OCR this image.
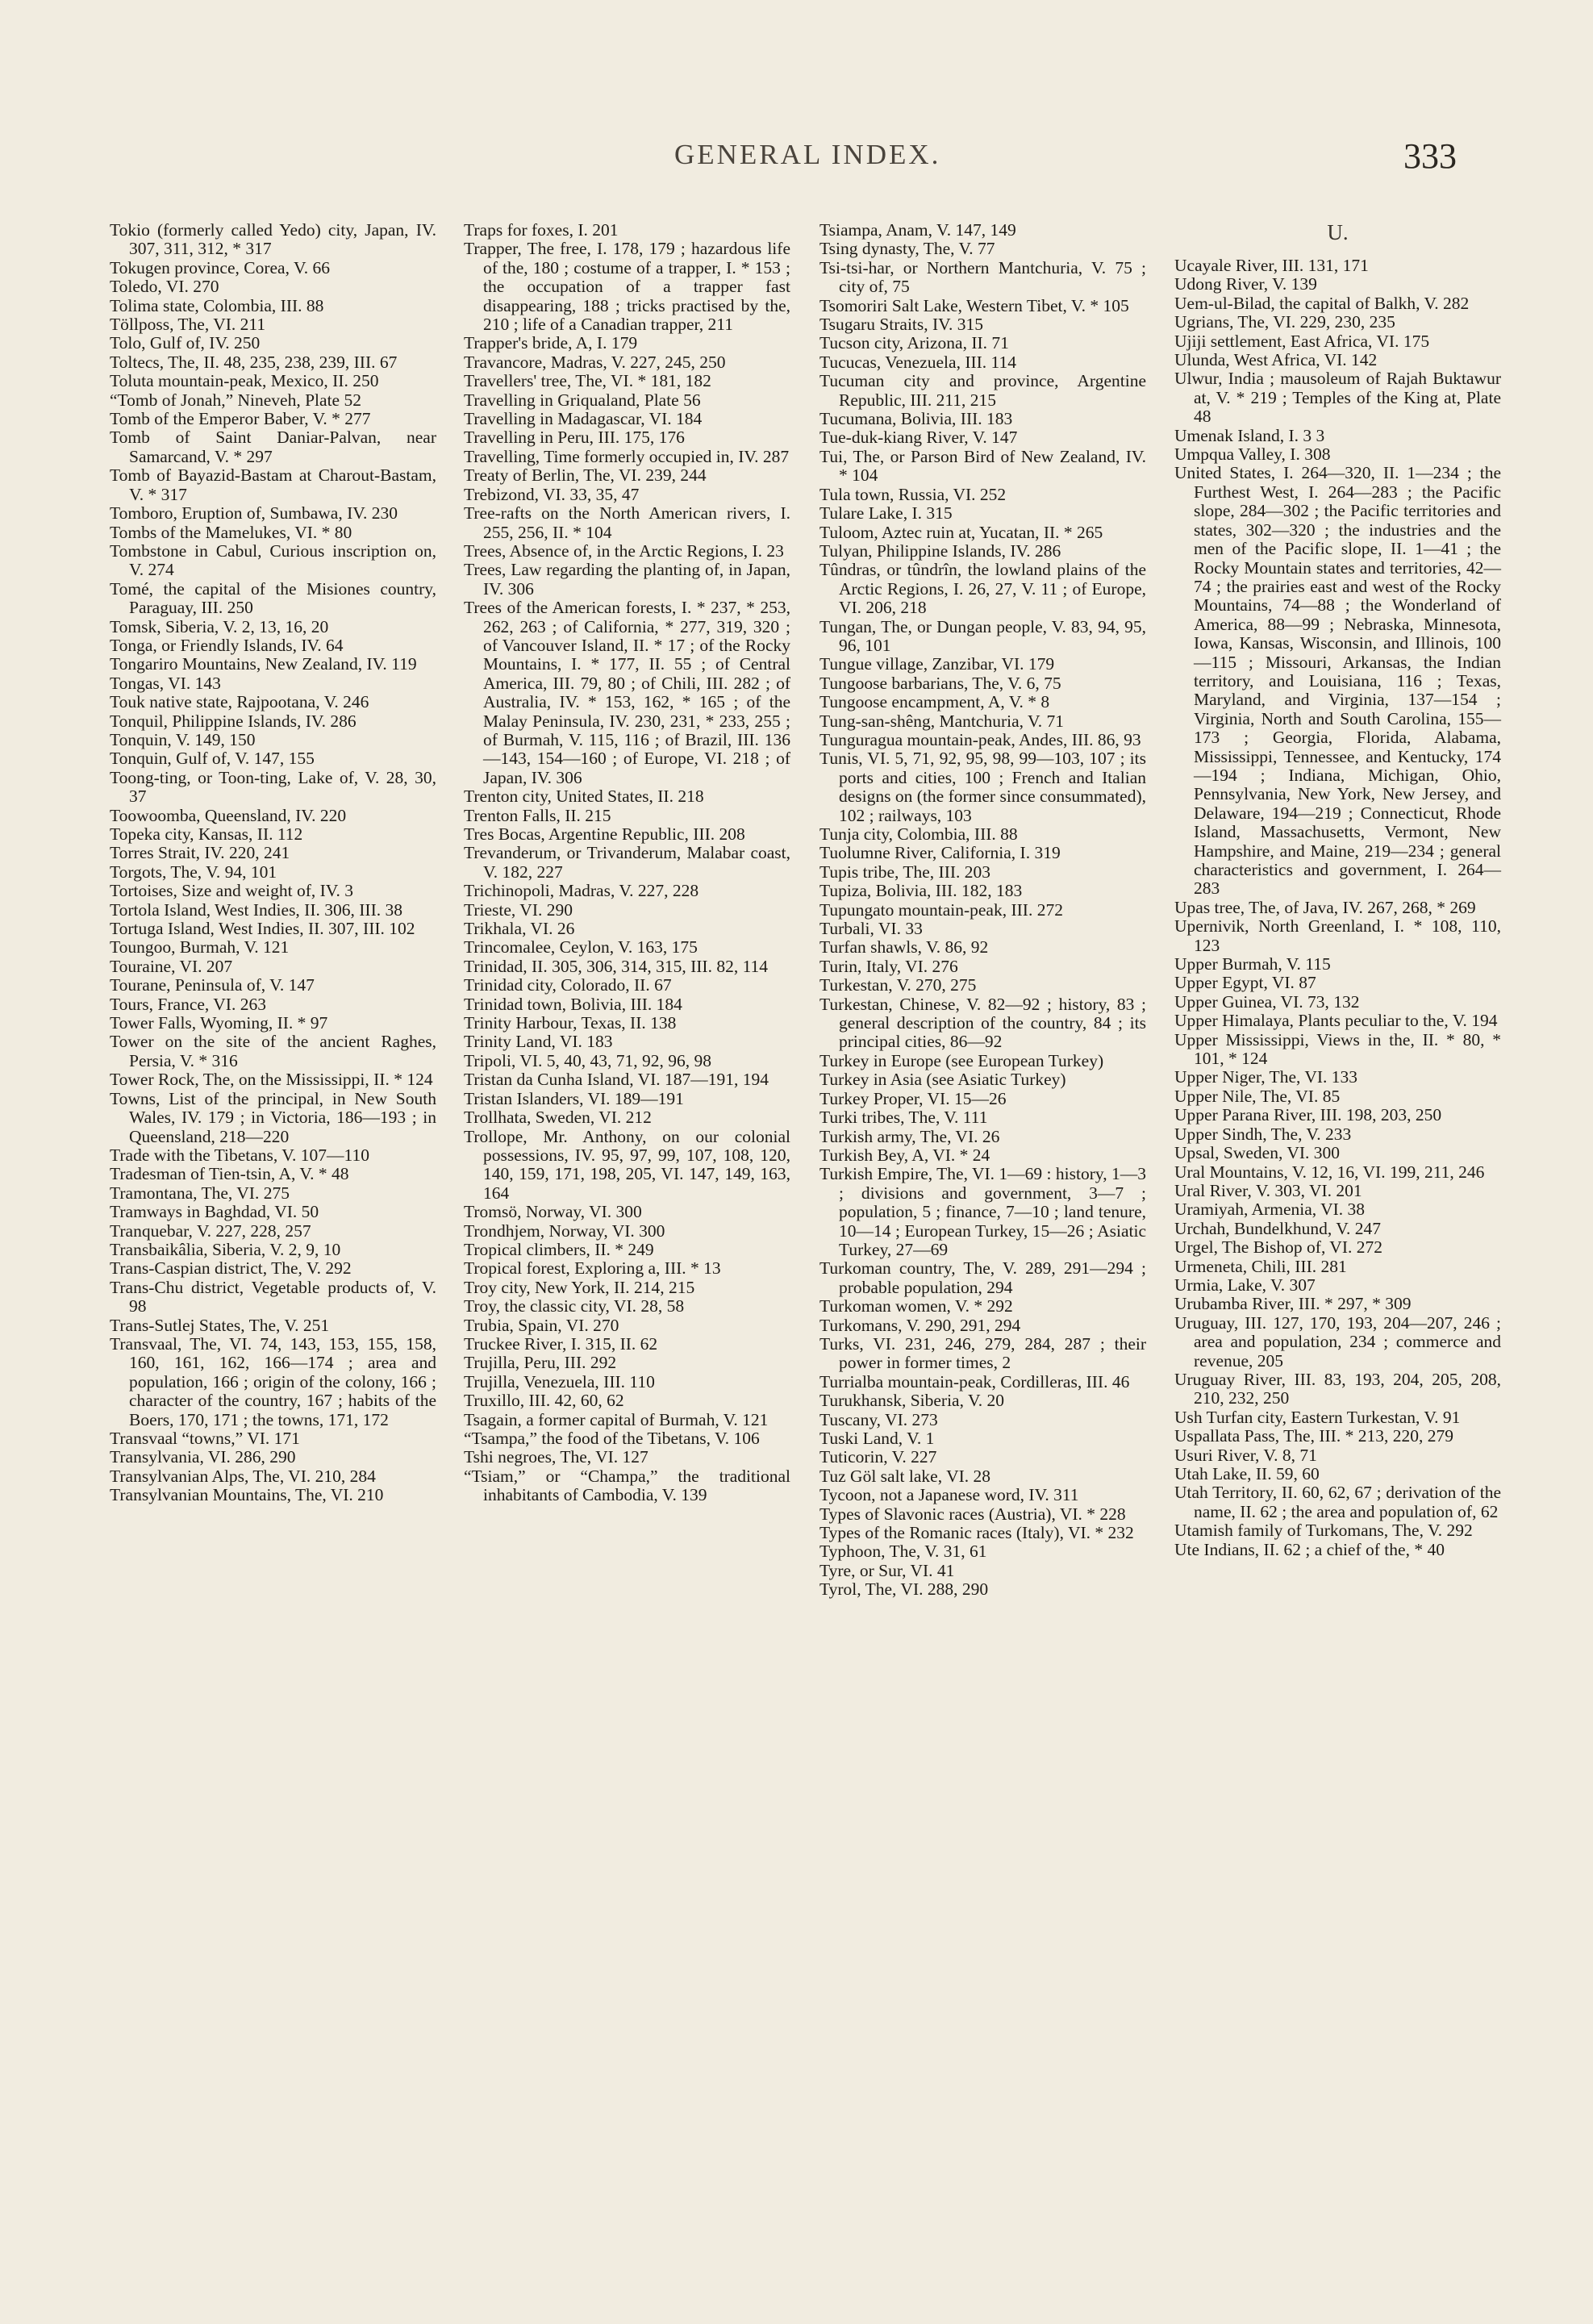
GENERAL INDEX.	333

Tokio (formerly called Yedo) city, Japan, IV. 307, 311, 312, * 317

Tokugen province, Corea, V. 66

Toledo, VI. 270

Tolima state, Colombia, III. 88

Töllposs, The, VI. 211

Tolo, Gulf of, IV. 250

Toltecs, The, II. 48, 235, 238, 239, III. 67

Toluta mountain-peak, Mexico, II. 250

“Tomb of Jonah,” Nineveh, Plate 52

Tomb of the Emperor Baber, V. * 277

Tomb of Saint Daniar-Palvan, near Samarcand, V. * 297

Tomb of Bayazid-Bastam at Charout-Bastam, V. * 317

Tomboro, Eruption of, Sumbawa, IV. 230

Tombs of the Mamelukes, VI. * 80

Tombstone in Cabul, Curious inscription on, V. 274

Tomé, the capital of the Misiones country, Paraguay, III. 250

Tomsk, Siberia, V. 2, 13, 16, 20

Tonga, or Friendly Islands, IV. 64

Tongariro Mountains, New Zealand, IV. 119

Tongas, VI. 143

Touk native state, Rajpootana, V. 246

Tonquil, Philippine Islands, IV. 286

Tonquin, V. 149, 150

Tonquin, Gulf of, V. 147, 155

Toong-ting, or Toon-ting, Lake of, V. 28, 30, 37

Toowoomba, Queensland, IV. 220

Topeka city, Kansas, II. 112

Torres Strait, IV. 220, 241

Torgots, The, V. 94, 101

Tortoises, Size and weight of, IV. 3

Tortola Island, West Indies, II. 306, III. 38

Tortuga Island, West Indies, II. 307, III. 102

Toungoo, Burmah, V. 121

Touraine, VI. 207

Tourane, Peninsula of, V. 147

Tours, France, VI. 263

Tower Falls, Wyoming, II. * 97

Tower on the site of the ancient Raghes, Persia, V. * 316

Tower Rock, The, on the Mississippi, II. * 124

Towns, List of the principal, in New South Wales, IV. 179 ; in Victoria, 186—193 ; in Queensland, 218—220

Trade with the Tibetans, V. 107—110

Tradesman of Tien-tsin, A, V. * 48

Tramontana, The, VI. 275

Tramways in Baghdad, VI. 50

Tranquebar, V. 227, 228, 257

Transbaikâlia, Siberia, V. 2, 9, 10

Trans-Caspian district, The, V. 292

Trans-Chu district, Vegetable products of, V. 98

Trans-Sutlej States, The, V. 251

Transvaal, The, VI. 74, 143, 153, 155, 158, 160, 161, 162, 166—174 ; area and population, 166 ; origin of the colony, 166 ; character of the country, 167 ; habits of the Boers, 170, 171 ; the towns, 171, 172

Transvaal “towns,” VI. 171

Transylvania, VI. 286, 290

Transylvanian Alps, The, VI. 210, 284

Transylvanian Mountains, The, VI. 210

Traps for foxes, I. 201

Trapper, The free, I. 178, 179 ; hazardous life of the, 180 ; costume of a trapper, I. * 153 ; the occupation of a trapper fast disappearing, 188 ; tricks practised by the, 210 ; life of a Canadian trapper, 211

Trapper's bride, A, I. 179

Travancore, Madras, V. 227, 245, 250

Travellers' tree, The, VI. * 181, 182

Travelling in Griqualand, Plate 56

Travelling in Madagascar, VI. 184

Travelling in Peru, III. 175, 176

Travelling, Time formerly occupied in, IV. 287

Treaty of Berlin, The, VI. 239, 244

Trebizond, VI. 33, 35, 47

Tree-rafts on the North American rivers, I. 255, 256, II. * 104

Trees, Absence of, in the Arctic Regions, I. 23

Trees, Law regarding the planting of, in Japan, IV. 306

Trees of the American forests, I. * 237, * 253, 262, 263 ; of California, * 277, 319, 320 ; of Vancouver Island, II. * 17 ; of the Rocky Mountains, I. * 177, II. 55 ; of Central America, III. 79, 80 ; of Chili, III. 282 ; of Australia, IV. * 153, 162, * 165 ; of the Malay Peninsula, IV. 230, 231, * 233, 255 ; of Burmah, V. 115, 116 ; of Brazil, III. 136—143, 154—160 ; of Europe, VI. 218 ; of Japan, IV. 306

Trenton city, United States, II. 218

Trenton Falls, II. 215

Tres Bocas, Argentine Republic, III. 208

Trevanderum, or Trivanderum, Malabar coast, V. 182, 227

Trichinopoli, Madras, V. 227, 228

Trieste, VI. 290

Trikhala, VI. 26

Trincomalee, Ceylon, V. 163, 175

Trinidad, II. 305, 306, 314, 315, III. 82, 114

Trinidad city, Colorado, II. 67

Trinidad town, Bolivia, III. 184

Trinity Harbour, Texas, II. 138

Trinity Land, VI. 183

Tripoli, VI. 5, 40, 43, 71, 92, 96, 98

Tristan da Cunha Island, VI. 187—191, 194

Tristan Islanders, VI. 189—191

Trollhata, Sweden, VI. 212

Trollope, Mr. Anthony, on our colonial possessions, IV. 95, 97, 99, 107, 108, 120, 140, 159, 171, 198, 205, VI. 147, 149, 163, 164

Tromsö, Norway, VI. 300

Trondhjem, Norway, VI. 300

Tropical climbers, II. * 249

Tropical forest, Exploring a, III. * 13

Troy city, New York, II. 214, 215

Troy, the classic city, VI. 28, 58

Trubia, Spain, VI. 270

Truckee River, I. 315, II. 62

Trujilla, Peru, III. 292

Trujilla, Venezuela, III. 110

Truxillo, III. 42, 60, 62

Tsagain, a former capital of Burmah, V. 121

“Tsampa,” the food of the Tibetans, V. 106

Tshi negroes, The, VI. 127

“Tsiam,” or “Champa,” the traditional inhabitants of Cambodia, V. 139

Tsiampa, Anam, V. 147, 149

Tsing dynasty, The, V. 77

Tsi-tsi-har, or Northern Mantchuria, V. 75 ; city of, 75

Tsomoriri Salt Lake, Western Tibet, V. * 105

Tsugaru Straits, IV. 315

Tucson city, Arizona, II. 71

Tucucas, Venezuela, III. 114

Tucuman city and province, Argentine Republic, III. 211, 215

Tucumana, Bolivia, III. 183

Tue-duk-kiang River, V. 147

Tui, The, or Parson Bird of New Zealand, IV. * 104

Tula town, Russia, VI. 252

Tulare Lake, I. 315

Tuloom, Aztec ruin at, Yucatan, II. * 265

Tulyan, Philippine Islands, IV. 286

Tûndras, or tûndrîn, the lowland plains of the Arctic Regions, I. 26, 27, V. 11 ; of Europe, VI. 206, 218

Tungan, The, or Dungan people, V. 83, 94, 95, 96, 101

Tungue village, Zanzibar, VI. 179

Tungoose barbarians, The, V. 6, 75

Tungoose encampment, A, V. * 8

Tung-san-shêng, Mantchuria, V. 71

Tunguragua mountain-peak, Andes, III. 86, 93

Tunis, VI. 5, 71, 92, 95, 98, 99—103, 107 ; its ports and cities, 100 ; French and Italian designs on (the former since consummated), 102 ; railways, 103

Tunja city, Colombia, III. 88

Tuolumne River, California, I. 319

Tupis tribe, The, III. 203

Tupiza, Bolivia, III. 182, 183

Tupungato mountain-peak, III. 272

Turbali, VI. 33

Turfan shawls, V. 86, 92

Turin, Italy, VI. 276

Turkestan, V. 270, 275

Turkestan, Chinese, V. 82—92 ; history, 83 ; general description of the country, 84 ; its principal cities, 86—92

Turkey in Europe (see European Turkey)

Turkey in Asia (see Asiatic Turkey)

Turkey Proper, VI. 15—26

Turki tribes, The, V. 111

Turkish army, The, VI. 26

Turkish Bey, A, VI. * 24

Turkish Empire, The, VI. 1—69 : history, 1—3 ; divisions and government, 3—7 ; population, 5 ; finance, 7—10 ; land tenure, 10—14 ; European Turkey, 15—26 ; Asiatic Turkey, 27—69

Turkoman country, The, V. 289, 291—294 ; probable population, 294

Turkoman women, V. * 292

Turkomans, V. 290, 291, 294

Turks, VI. 231, 246, 279, 284, 287 ; their power in former times, 2

Turrialba mountain-peak, Cordilleras, III. 46

Turukhansk, Siberia, V. 20

Tuscany, VI. 273

Tuski Land, V. 1

Tuticorin, V. 227

Tuz Göl salt lake, VI. 28

Tycoon, not a Japanese word, IV. 311

Types of Slavonic races (Austria), VI. * 228

Types of the Romanic races (Italy), VI. * 232

Typhoon, The, V. 31, 61

Tyre, or Sur, VI. 41

Tyrol, The, VI. 288, 290

U.

Ucayale River, III. 131, 171

Udong River, V. 139

Uem-ul-Bilad, the capital of Balkh, V. 282

Ugrians, The, VI. 229, 230, 235

Ujiji settlement, East Africa, VI. 175

Ulunda, West Africa, VI. 142

Ulwur, India ; mausoleum of Rajah Buktawur at, V. * 219 ; Temples of the King at, Plate 48

Umenak Island, I. 3 3

Umpqua Valley, I. 308

United States, I. 264—320, II. 1—234 ; the Furthest West, I. 264—283 ; the Pacific slope, 284—302 ; the Pacific territories and states, 302—320 ; the industries and the men of the Pacific slope, II. 1—41 ; the Rocky Mountain states and territories, 42—74 ; the prairies east and west of the Rocky Mountains, 74—88 ; the Wonderland of America, 88—99 ; Nebraska, Minnesota, Iowa, Kansas, Wisconsin, and Illinois, 100—115 ; Missouri, Arkansas, the Indian territory, and Louisiana, 116 ; Texas, Maryland, and Virginia, 137—154 ; Virginia, North and South Carolina, 155—173 ; Georgia, Florida, Alabama, Mississippi, Tennessee, and Kentucky, 174—194 ; Indiana, Michigan, Ohio, Pennsylvania, New York, New Jersey, and Delaware, 194—219 ; Connecticut, Rhode Island, Massachusetts, Vermont, New Hampshire, and Maine, 219—234 ; general characteristics and government, I. 264—283

Upas tree, The, of Java, IV. 267, 268, * 269

Upernivik, North Greenland, I. * 108, 110, 123

Upper Burmah, V. 115

Upper Egypt, VI. 87

Upper Guinea, VI. 73, 132

Upper Himalaya, Plants peculiar to the, V. 194

Upper Mississippi, Views in the, II. * 80, * 101, * 124

Upper Niger, The, VI. 133

Upper Nile, The, VI. 85

Upper Parana River, III. 198, 203, 250

Upper Sindh, The, V. 233

Upsal, Sweden, VI. 300

Ural Mountains, V. 12, 16, VI. 199, 211, 246

Ural River, V. 303, VI. 201

Uramiyah, Armenia, VI. 38

Urchah, Bundelkhund, V. 247

Urgel, The Bishop of, VI. 272

Urmeneta, Chili, III. 281

Urmia, Lake, V. 307

Urubamba River, III. * 297, * 309

Uruguay, III. 127, 170, 193, 204—207, 246 ; area and population, 234 ; commerce and revenue, 205

Uruguay River, III. 83, 193, 204, 205, 208, 210, 232, 250

Ush Turfan city, Eastern Turkestan, V. 91

Uspallata Pass, The, III. * 213, 220, 279

Usuri River, V. 8, 71

Utah Lake, II. 59, 60

Utah Territory, II. 60, 62, 67 ; derivation of the name, II. 62 ; the area and population of, 62

Utamish family of Turkomans, The, V. 292

Ute Indians, II. 62 ; a chief of the, * 40
